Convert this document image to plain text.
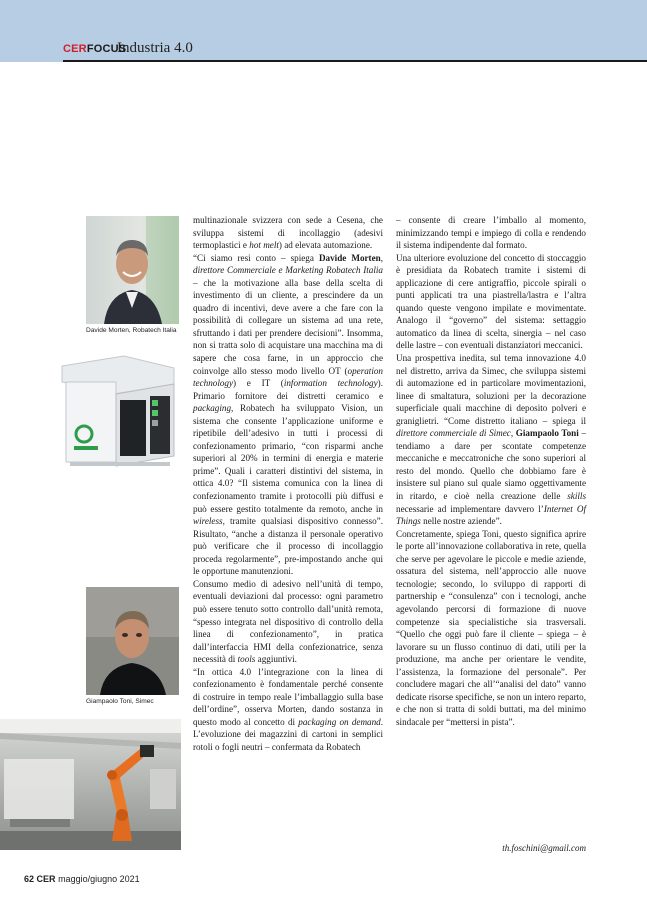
CERFOCUS
Industria 4.0
Davide Morten, Robatech Italia
Giampaolo Toni, Simec

multinazionale svizzera con sede a Cesena, che sviluppa sistemi di incollaggio (adesivi termoplastici e hot melt) ad elevata automazione.

“Ci siamo resi conto – spiega Davide Morten, direttore Commerciale e Marketing Robatech Italia – che la motivazione alla base della scelta di investimento di un cliente, a prescindere da un quadro di incentivi, deve avere a che fare con la possibilità di collegare un sistema ad una rete, sfruttando i dati per prendere decisioni”. Insomma, non si tratta solo di acquistare una macchina ma di sapere che cosa farne, in un approccio che coinvolge allo stesso modo livello OT (operation technology) e IT (information technology). Primario fornitore dei distretti ceramico e packaging, Robatech ha sviluppato Vision, un sistema che consente l’applicazione uniforme e ripetibile dell’adesivo in tutti i processi di confezionamento primario, “con risparmi anche superiori al 20% in termini di energia e materie prime”. Quali i caratteri distintivi del sistema, in ottica 4.0? “Il sistema comunica con la linea di confezionamento tramite i protocolli più diffusi e può essere gestito totalmente da remoto, anche in wireless, tramite qualsiasi dispositivo connesso”. Risultato, “anche a distanza il personale operativo può verificare che il processo di incollaggio proceda regolarmente”, pre-impostando anche qui le opportune manutenzioni.

Consumo medio di adesivo nell’unità di tempo, eventuali deviazioni dal processo: ogni parametro può essere tenuto sotto controllo dall’unità remota, “spesso integrata nel dispositivo di controllo della linea di confezionamento”, in pratica dall’interfaccia HMI della confezionatrice, senza necessità di tools aggiuntivi.

“In ottica 4.0 l’integrazione con la linea di confezionamento è fondamentale perché consente di costruire in tempo reale l’imballaggio sulla base dell’ordine”, osserva Morten, dando sostanza in questo modo al concetto di packaging on demand. L’evoluzione dei magazzini di cartoni in semplici rotoli o fogli neutri – confermata da Robatech

– consente di creare l’imballo al momento, minimizzando tempi e impiego di colla e rendendo il sistema indipendente dal formato.

Una ulteriore evoluzione del concetto di stoccaggio è presidiata da Robatech tramite i sistemi di applicazione di cere antigraffio, piccole spirali o punti applicati tra una piastrella/lastra e l’altra quando queste vengono impilate e movimentate. Analogo il “governo” del sistema: settaggio automatico da linea di scelta, sinergia – nel caso delle lastre – con eventuali distanziatori meccanici.

Una prospettiva inedita, sul tema innovazione 4.0 nel distretto, arriva da Simec, che sviluppa sistemi di automazione ed in particolare movimentazioni, linee di smaltatura, soluzioni per la decorazione superficiale quali macchine di deposito polveri e graniglietri. “Come distretto italiano – spiega il direttore commerciale di Simec, Giampaolo Toni – tendiamo a dare per scontate competenze meccaniche e meccatroniche che sono superiori al resto del mondo. Quello che dobbiamo fare è insistere sul piano sul quale siamo oggettivamente in ritardo, e cioè nella creazione delle skills necessarie ad implementare davvero l’Internet Of Things nelle nostre aziende”.

Concretamente, spiega Toni, questo significa aprire le porte all’innovazione collaborativa in rete, quella che serve per agevolare le piccole e medie aziende, ossatura del sistema, nell’approccio alle nuove tecnologie; secondo, lo sviluppo di rapporti di partnership e “consulenza” con i tecnologi, anche agevolando percorsi di formazione di nuove competenze sia specialistiche sia trasversali. “Quello che oggi può fare il cliente – spiega – è lavorare su un flusso continuo di dati, utili per la produzione, ma anche per orientare le vendite, l’assistenza, la formazione del personale”. Per concludere magari che all’“analisi del dato” vanno dedicate risorse specifiche, se non un intero reparto, e che non si tratta di soldi buttati, ma del minimo sindacale per “mettersi in pista”.

th.foschini@gmail.com
62 CER maggio/giugno 2021
